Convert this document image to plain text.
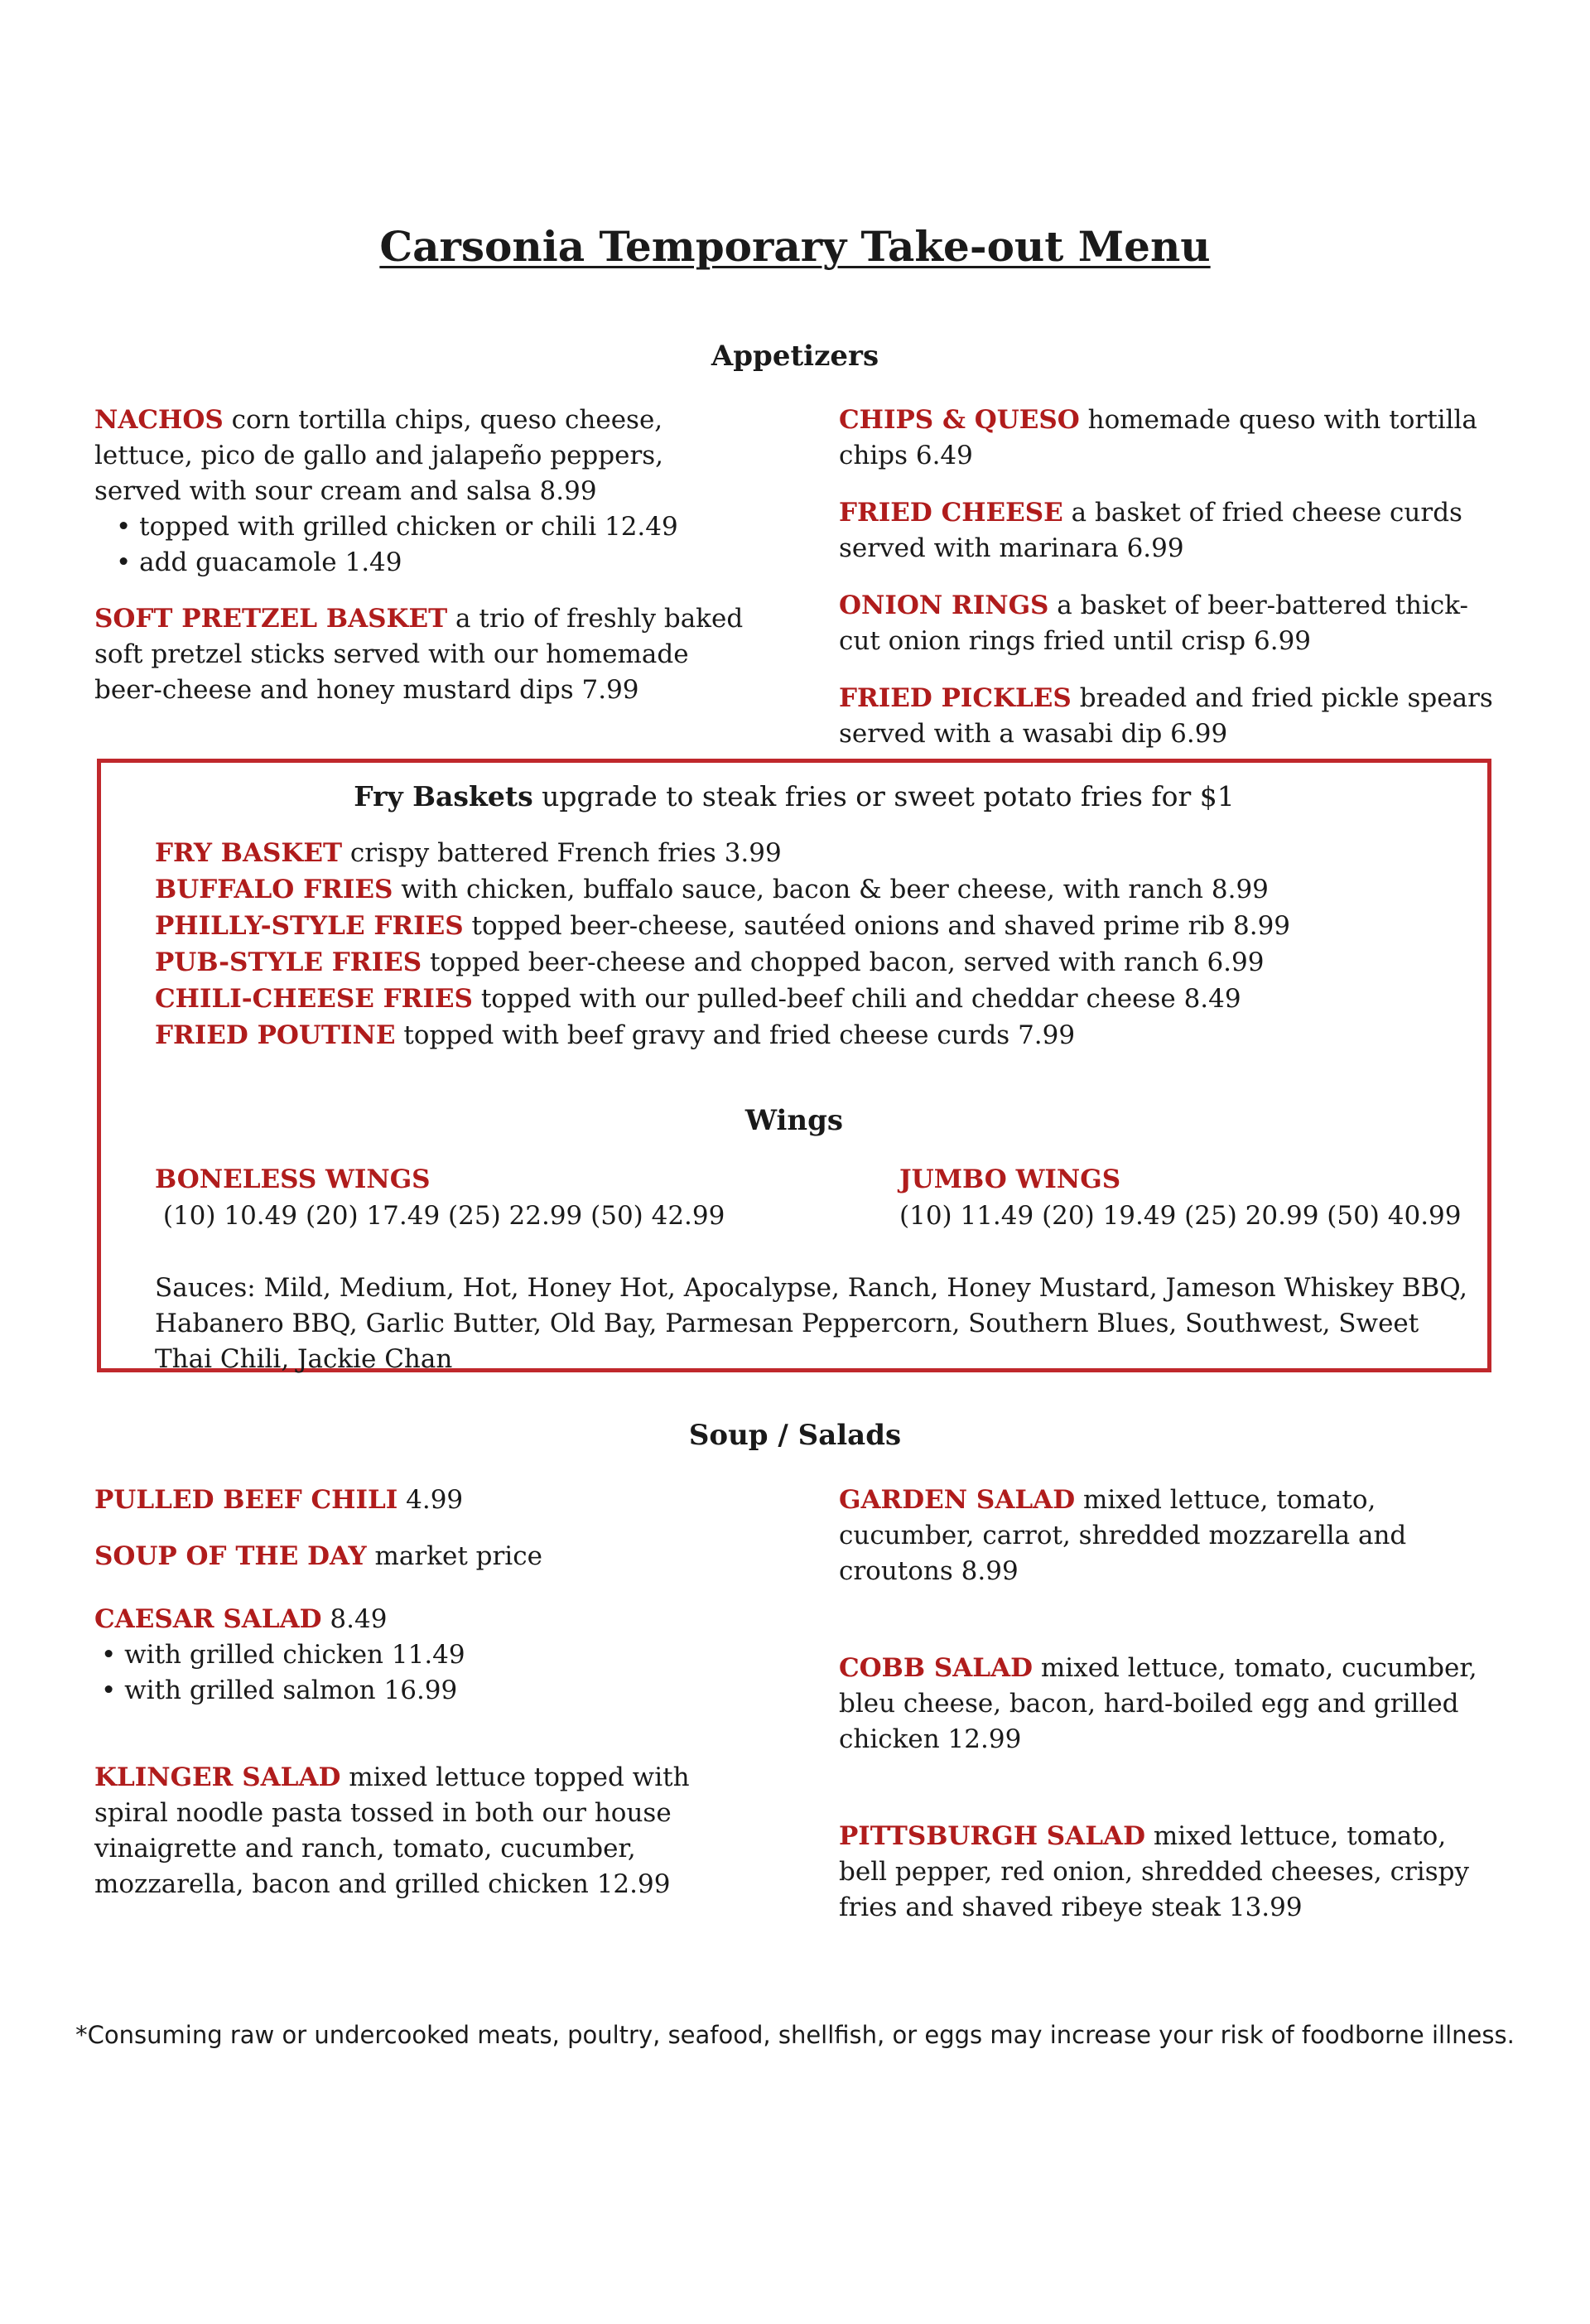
Carsonia Temporary Take-out Menu
Appetizers

NACHOS corn tortilla chips, queso cheese, lettuce, pico de gallo and jalapeño peppers, served with sour cream and salsa 8.99

• topped with grilled chicken or chili 12.49
• add guacamole 1.49

SOFT PRETZEL BASKET a trio of freshly baked soft pretzel sticks served with our homemade beer-cheese and honey mustard dips 7.99

CHIPS & QUESO homemade queso with tortilla chips 6.49

FRIED CHEESE a basket of fried cheese curds served with marinara 6.99

ONION RINGS a basket of beer-battered thick-cut onion rings fried until crisp 6.99

FRIED PICKLES breaded and fried pickle spears served with a wasabi dip 6.99

Fry Baskets upgrade to steak fries or sweet potato fries for $1

FRY BASKET crispy battered French fries 3.99
BUFFALO FRIES with chicken, buffalo sauce, bacon & beer cheese, with ranch 8.99
PHILLY-STYLE FRIES topped beer-cheese, sautéed onions and shaved prime rib 8.99
PUB-STYLE FRIES topped beer-cheese and chopped bacon, served with ranch 6.99
CHILI-CHEESE FRIES topped with our pulled-beef chili and cheddar cheese 8.49
FRIED POUTINE topped with beef gravy and fried cheese curds 7.99
Wings
BONELESS WINGS
(10) 10.49 (20) 17.49 (25) 22.99 (50) 42.99
JUMBO WINGS
(10) 11.49 (20) 19.49 (25) 20.99 (50) 40.99

Sauces: Mild, Medium, Hot, Honey Hot, Apocalypse, Ranch, Honey Mustard, Jameson Whiskey BBQ, Habanero BBQ, Garlic Butter, Old Bay, Parmesan Peppercorn, Southern Blues, Southwest, Sweet Thai Chili, Jackie Chan

Soup / Salads

PULLED BEEF CHILI 4.99

SOUP OF THE DAY market price

CAESAR SALAD 8.49

• with grilled chicken 11.49
• with grilled salmon 16.99

KLINGER SALAD mixed lettuce topped with spiral noodle pasta tossed in both our house vinaigrette and ranch, tomato, cucumber, mozzarella, bacon and grilled chicken 12.99

GARDEN SALAD mixed lettuce, tomato, cucumber, carrot, shredded mozzarella and croutons 8.99

COBB SALAD mixed lettuce, tomato, cucumber, bleu cheese, bacon, hard-boiled egg and grilled chicken 12.99

PITTSBURGH SALAD mixed lettuce, tomato, bell pepper, red onion, shredded cheeses, crispy fries and shaved ribeye steak 13.99

*Consuming raw or undercooked meats, poultry, seafood, shellfish, or eggs may increase your risk of foodborne illness.
